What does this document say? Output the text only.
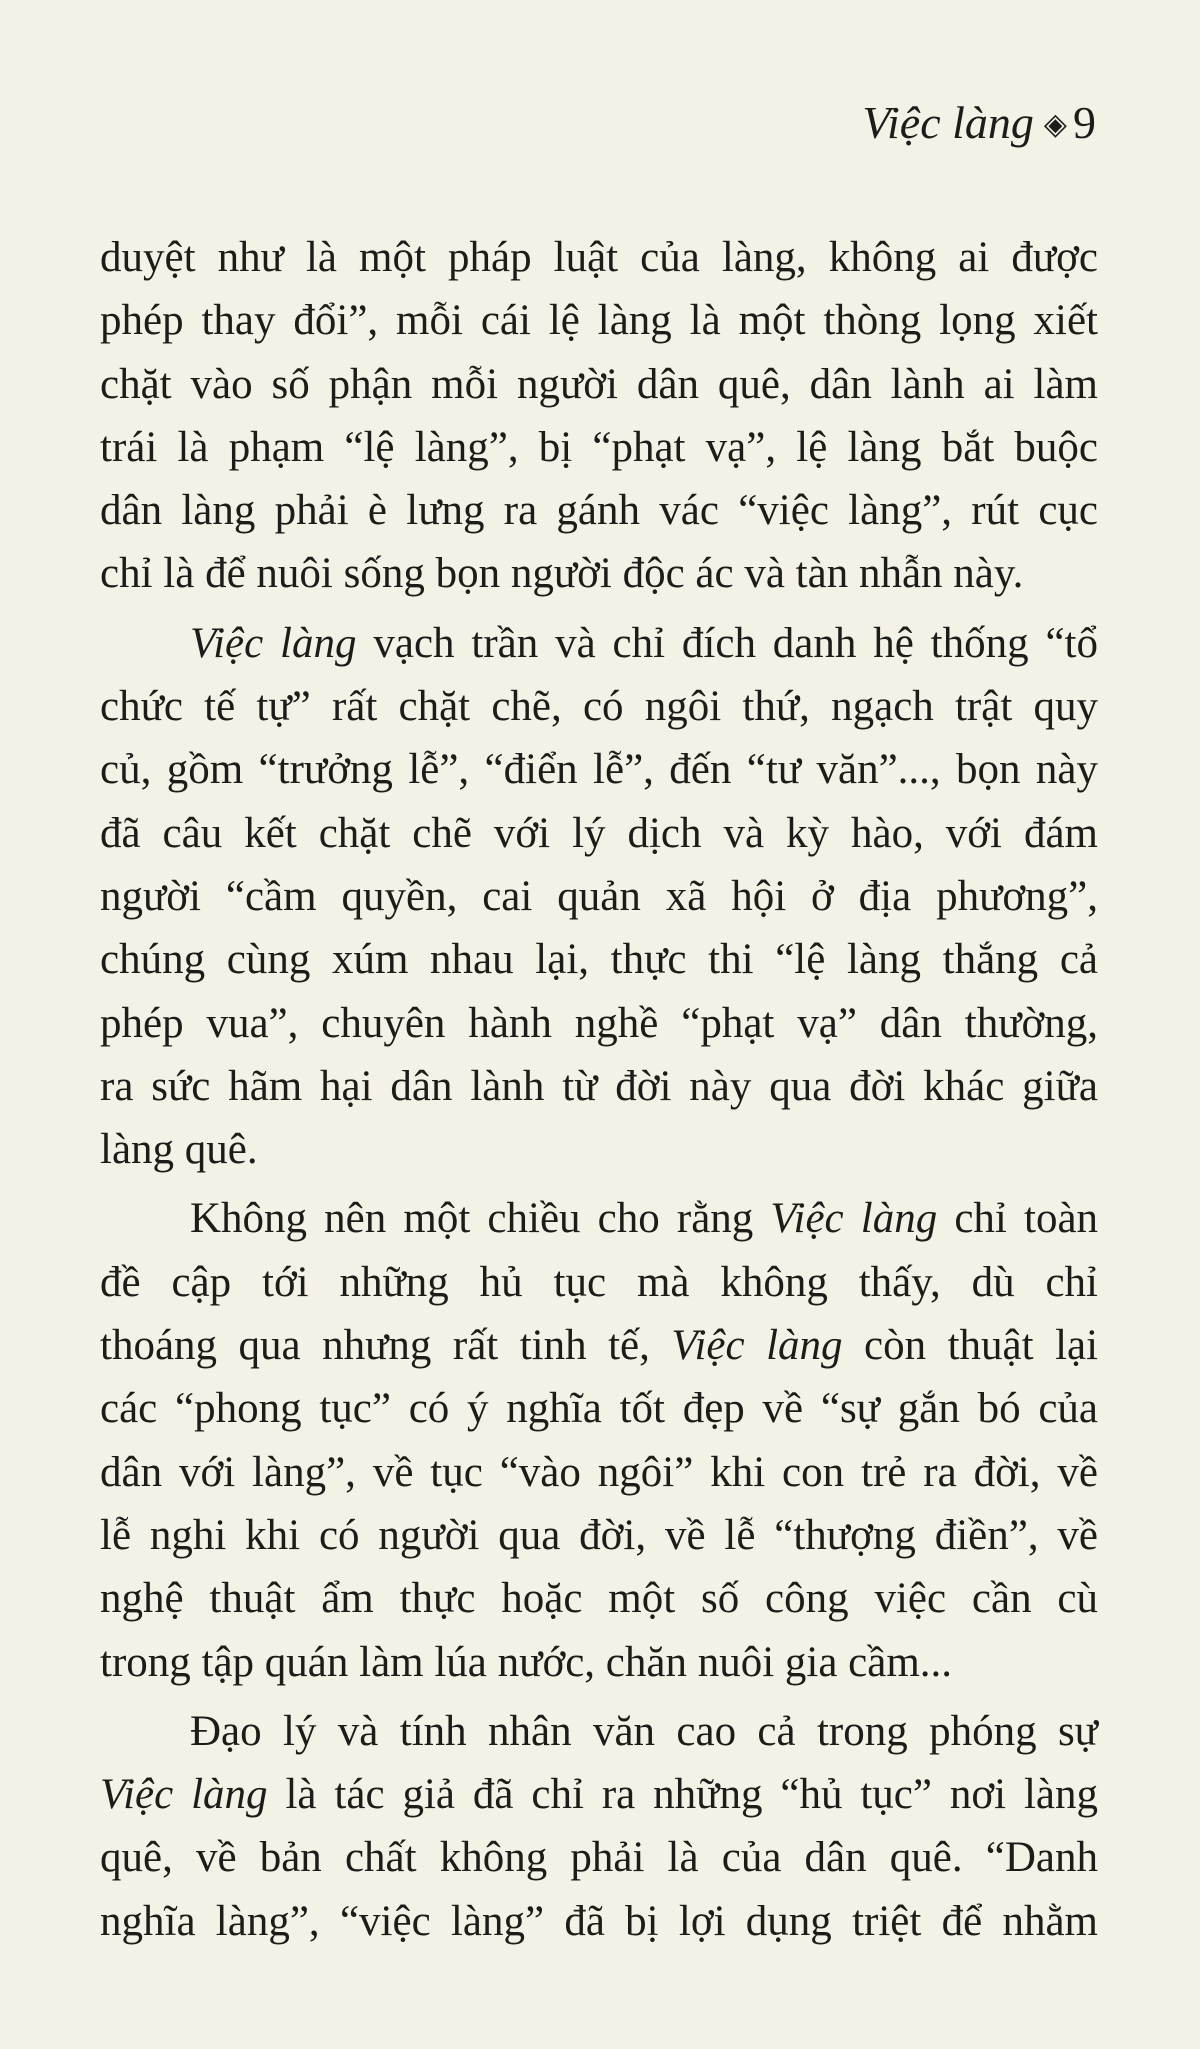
Việc làng ◈ 9

duyệt như là một pháp luật của làng, không ai được
phép thay đổi”, mỗi cái lệ làng là một thòng lọng xiết
chặt vào số phận mỗi người dân quê, dân lành ai làm
trái là phạm “lệ làng”, bị “phạt vạ”, lệ làng bắt buộc
dân làng phải è lưng ra gánh vác “việc làng”, rút cục
chỉ là để nuôi sống bọn người độc ác và tàn nhẫn này.

Việc làng vạch trần và chỉ đích danh hệ thống “tổ
chức tế tự” rất chặt chẽ, có ngôi thứ, ngạch trật quy
củ, gồm “trưởng lễ”, “điển lễ”, đến “tư văn”..., bọn này
đã câu kết chặt chẽ với lý dịch và kỳ hào, với đám
người “cầm quyền, cai quản xã hội ở địa phương”,
chúng cùng xúm nhau lại, thực thi “lệ làng thắng cả
phép vua”, chuyên hành nghề “phạt vạ” dân thường,
ra sức hãm hại dân lành từ đời này qua đời khác giữa
làng quê.

Không nên một chiều cho rằng Việc làng chỉ toàn
đề cập tới những hủ tục mà không thấy, dù chỉ
thoáng qua nhưng rất tinh tế, Việc làng còn thuật lại
các “phong tục” có ý nghĩa tốt đẹp về “sự gắn bó của
dân với làng”, về tục “vào ngôi” khi con trẻ ra đời, về
lễ nghi khi có người qua đời, về lễ “thượng điền”, về
nghệ thuật ẩm thực hoặc một số công việc cần cù
trong tập quán làm lúa nước, chăn nuôi gia cầm...

Đạo lý và tính nhân văn cao cả trong phóng sự
Việc làng là tác giả đã chỉ ra những “hủ tục” nơi làng
quê, về bản chất không phải là của dân quê. “Danh
nghĩa làng”, “việc làng” đã bị lợi dụng triệt để nhằm
